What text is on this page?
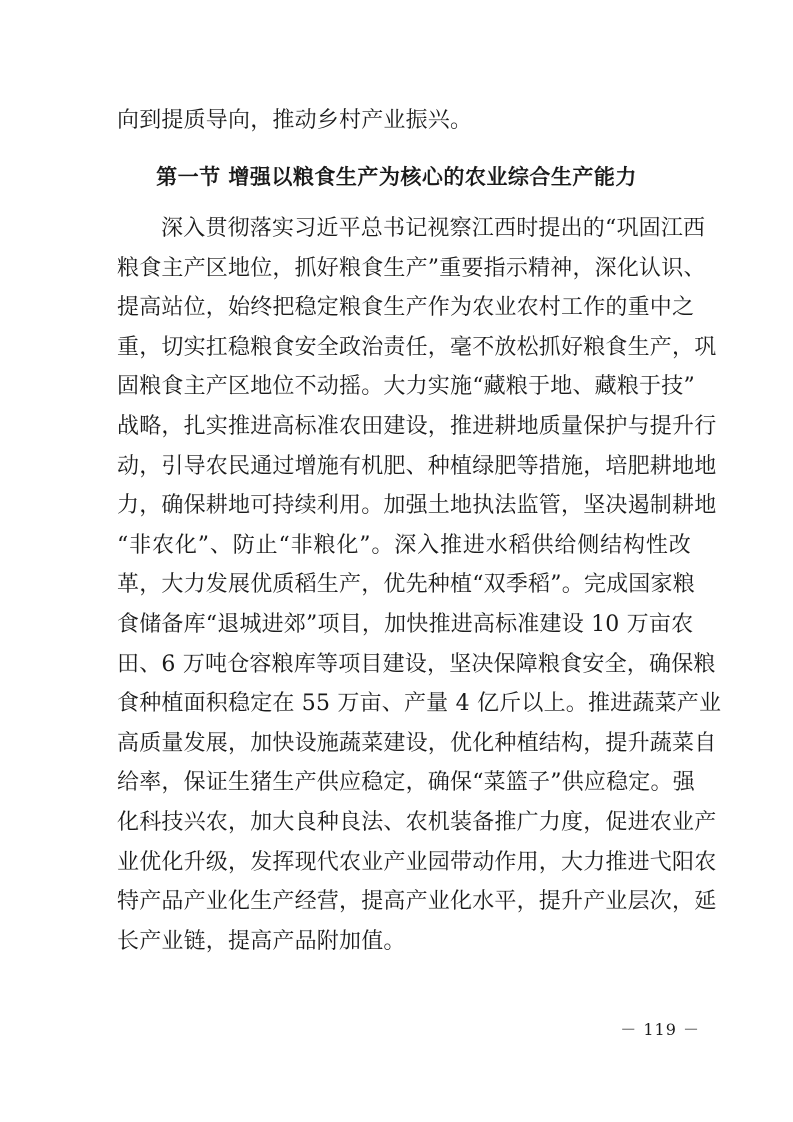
向到提质导向，推动乡村产业振兴。
第一节 增强以粮食生产为核心的农业综合生产能力
深入贯彻落实习近平总书记视察江西时提出的“巩固江西
粮食主产区地位，抓好粮食生产”重要指示精神，深化认识、
提高站位，始终把稳定粮食生产作为农业农村工作的重中之
重，切实扛稳粮食安全政治责任，毫不放松抓好粮食生产，巩
固粮食主产区地位不动摇。大力实施“藏粮于地、藏粮于技”
战略，扎实推进高标准农田建设，推进耕地质量保护与提升行
动，引导农民通过增施有机肥、种植绿肥等措施，培肥耕地地
力，确保耕地可持续利用。加强土地执法监管，坚决遏制耕地
“非农化”、防止“非粮化”。深入推进水稻供给侧结构性改
革，大力发展优质稻生产，优先种植“双季稻”。完成国家粮
食储备库“退城进郊”项目，加快推进高标准建设 10 万亩农
田、6 万吨仓容粮库等项目建设，坚决保障粮食安全，确保粮
食种植面积稳定在 55 万亩、产量 4 亿斤以上。推进蔬菜产业
高质量发展，加快设施蔬菜建设，优化种植结构，提升蔬菜自
给率，保证生猪生产供应稳定，确保“菜篮子”供应稳定。强
化科技兴农，加大良种良法、农机装备推广力度，促进农业产
业优化升级，发挥现代农业产业园带动作用，大力推进弋阳农
特产品产业化生产经营，提高产业化水平，提升产业层次，延
长产业链，提高产品附加值。
－ 119 －
